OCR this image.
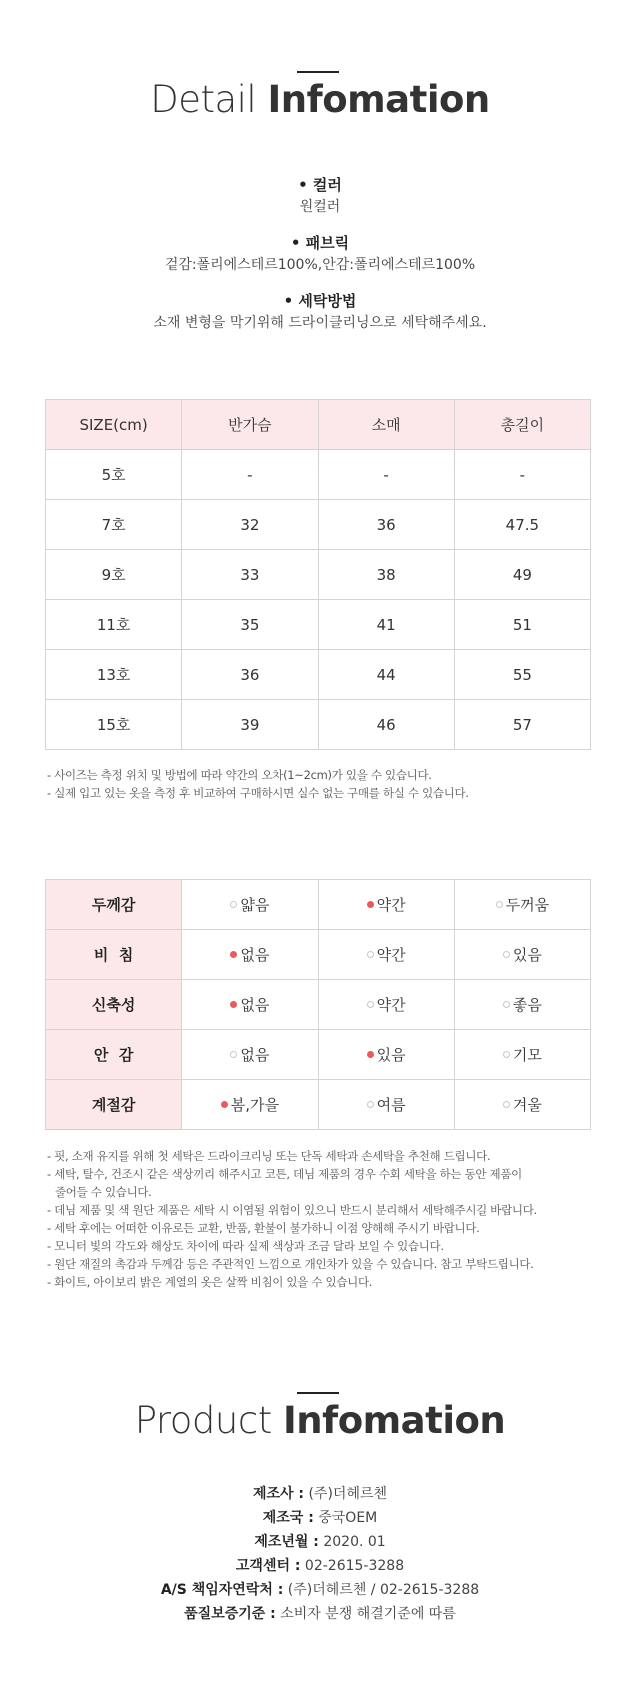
Detail Infomation
• 컬러
원컬러
• 패브릭
겉감:폴리에스테르100%,안감:폴리에스테르100%
• 세탁방법
소재 변형을 막기위해 드라이클리닝으로 세탁해주세요.
SIZE(cm)	반가슴	소매	총길이
5호	-	-	-
7호	32	36	47.5
9호	33	38	49
11호	35	41	51
13호	36	44	55
15호	39	46	57
- 사이즈는 측정 위치 및 방법에 따라 약간의 오차(1~2cm)가 있을 수 있습니다.
- 실제 입고 있는 옷을 측정 후 비교하여 구매하시면 실수 없는 구매를 하실 수 있습니다.
두께감	얇음	약간	두꺼움
비  침	없음	약간	있음
신축성	없음	약간	좋음
안  감	없음	있음	기모
계절감	봄,가을	여름	겨울
- 핏, 소재 유지를 위해 첫 세탁은 드라이크리닝 또는 단독 세탁과 손세탁을 추천해 드립니다.
- 세탁, 탈수, 건조시 같은 색상끼리 해주시고 코튼, 데님 제품의 경우 수회 세탁을 하는 동안 제품이
줄어들 수 있습니다.
- 데님 제품 및 색 원단 제품은 세탁 시 이염될 위험이 있으니 반드시 분리해서 세탁해주시길 바랍니다.
- 세탁 후에는 어떠한 이유로든 교환, 반품, 환불이 불가하니 이점 양해해 주시기 바랍니다.
- 모니터 빛의 각도와 해상도 차이에 따라 실제 색상과 조금 달라 보일 수 있습니다.
- 원단 재질의 촉감과 두께감 등은 주관적인 느낌으로 개인차가 있을 수 있습니다. 참고 부탁드립니다.
- 화이트, 아이보리 밝은 계열의 옷은 살짝 비침이 있을 수 있습니다.
Product Infomation
제조사 : (주)더헤르첸
제조국 : 중국OEM
제조년월 : 2020. 01
고객센터 : 02-2615-3288
A/S 책임자연락처 : (주)더헤르첸 / 02-2615-3288
품질보증기준 : 소비자 분쟁 해결기준에 따름
